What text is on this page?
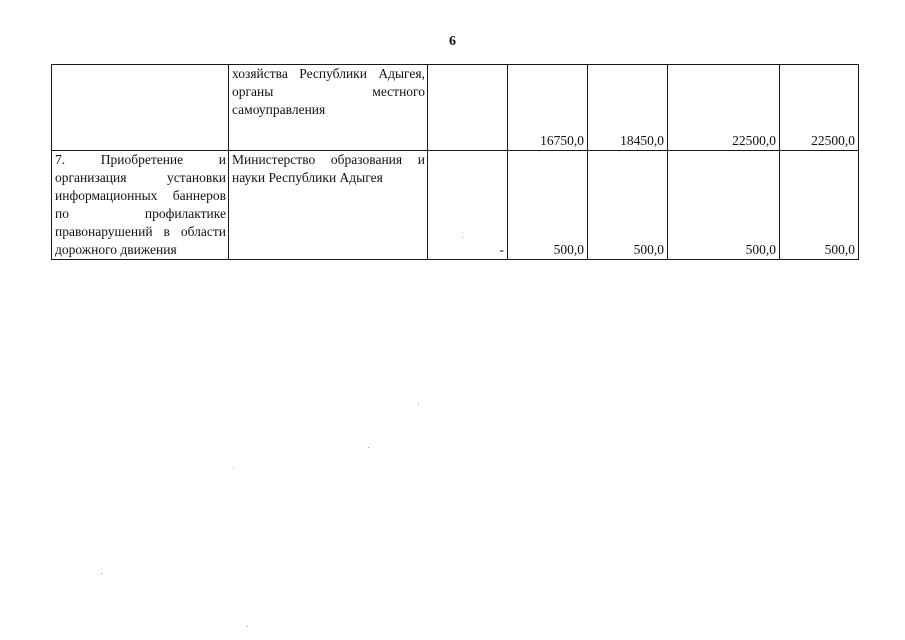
6

	хозяйства Республики Адыгея, органы местного самоуправления		16750,0	18450,0	22500,0	22500,0

7. Приобретение и организация установки информационных баннеров по профилактике правонарушений в области дорожного движения	Министерство образования и науки Республики Адыгея	-	500,0	500,0	500,0	500,0
